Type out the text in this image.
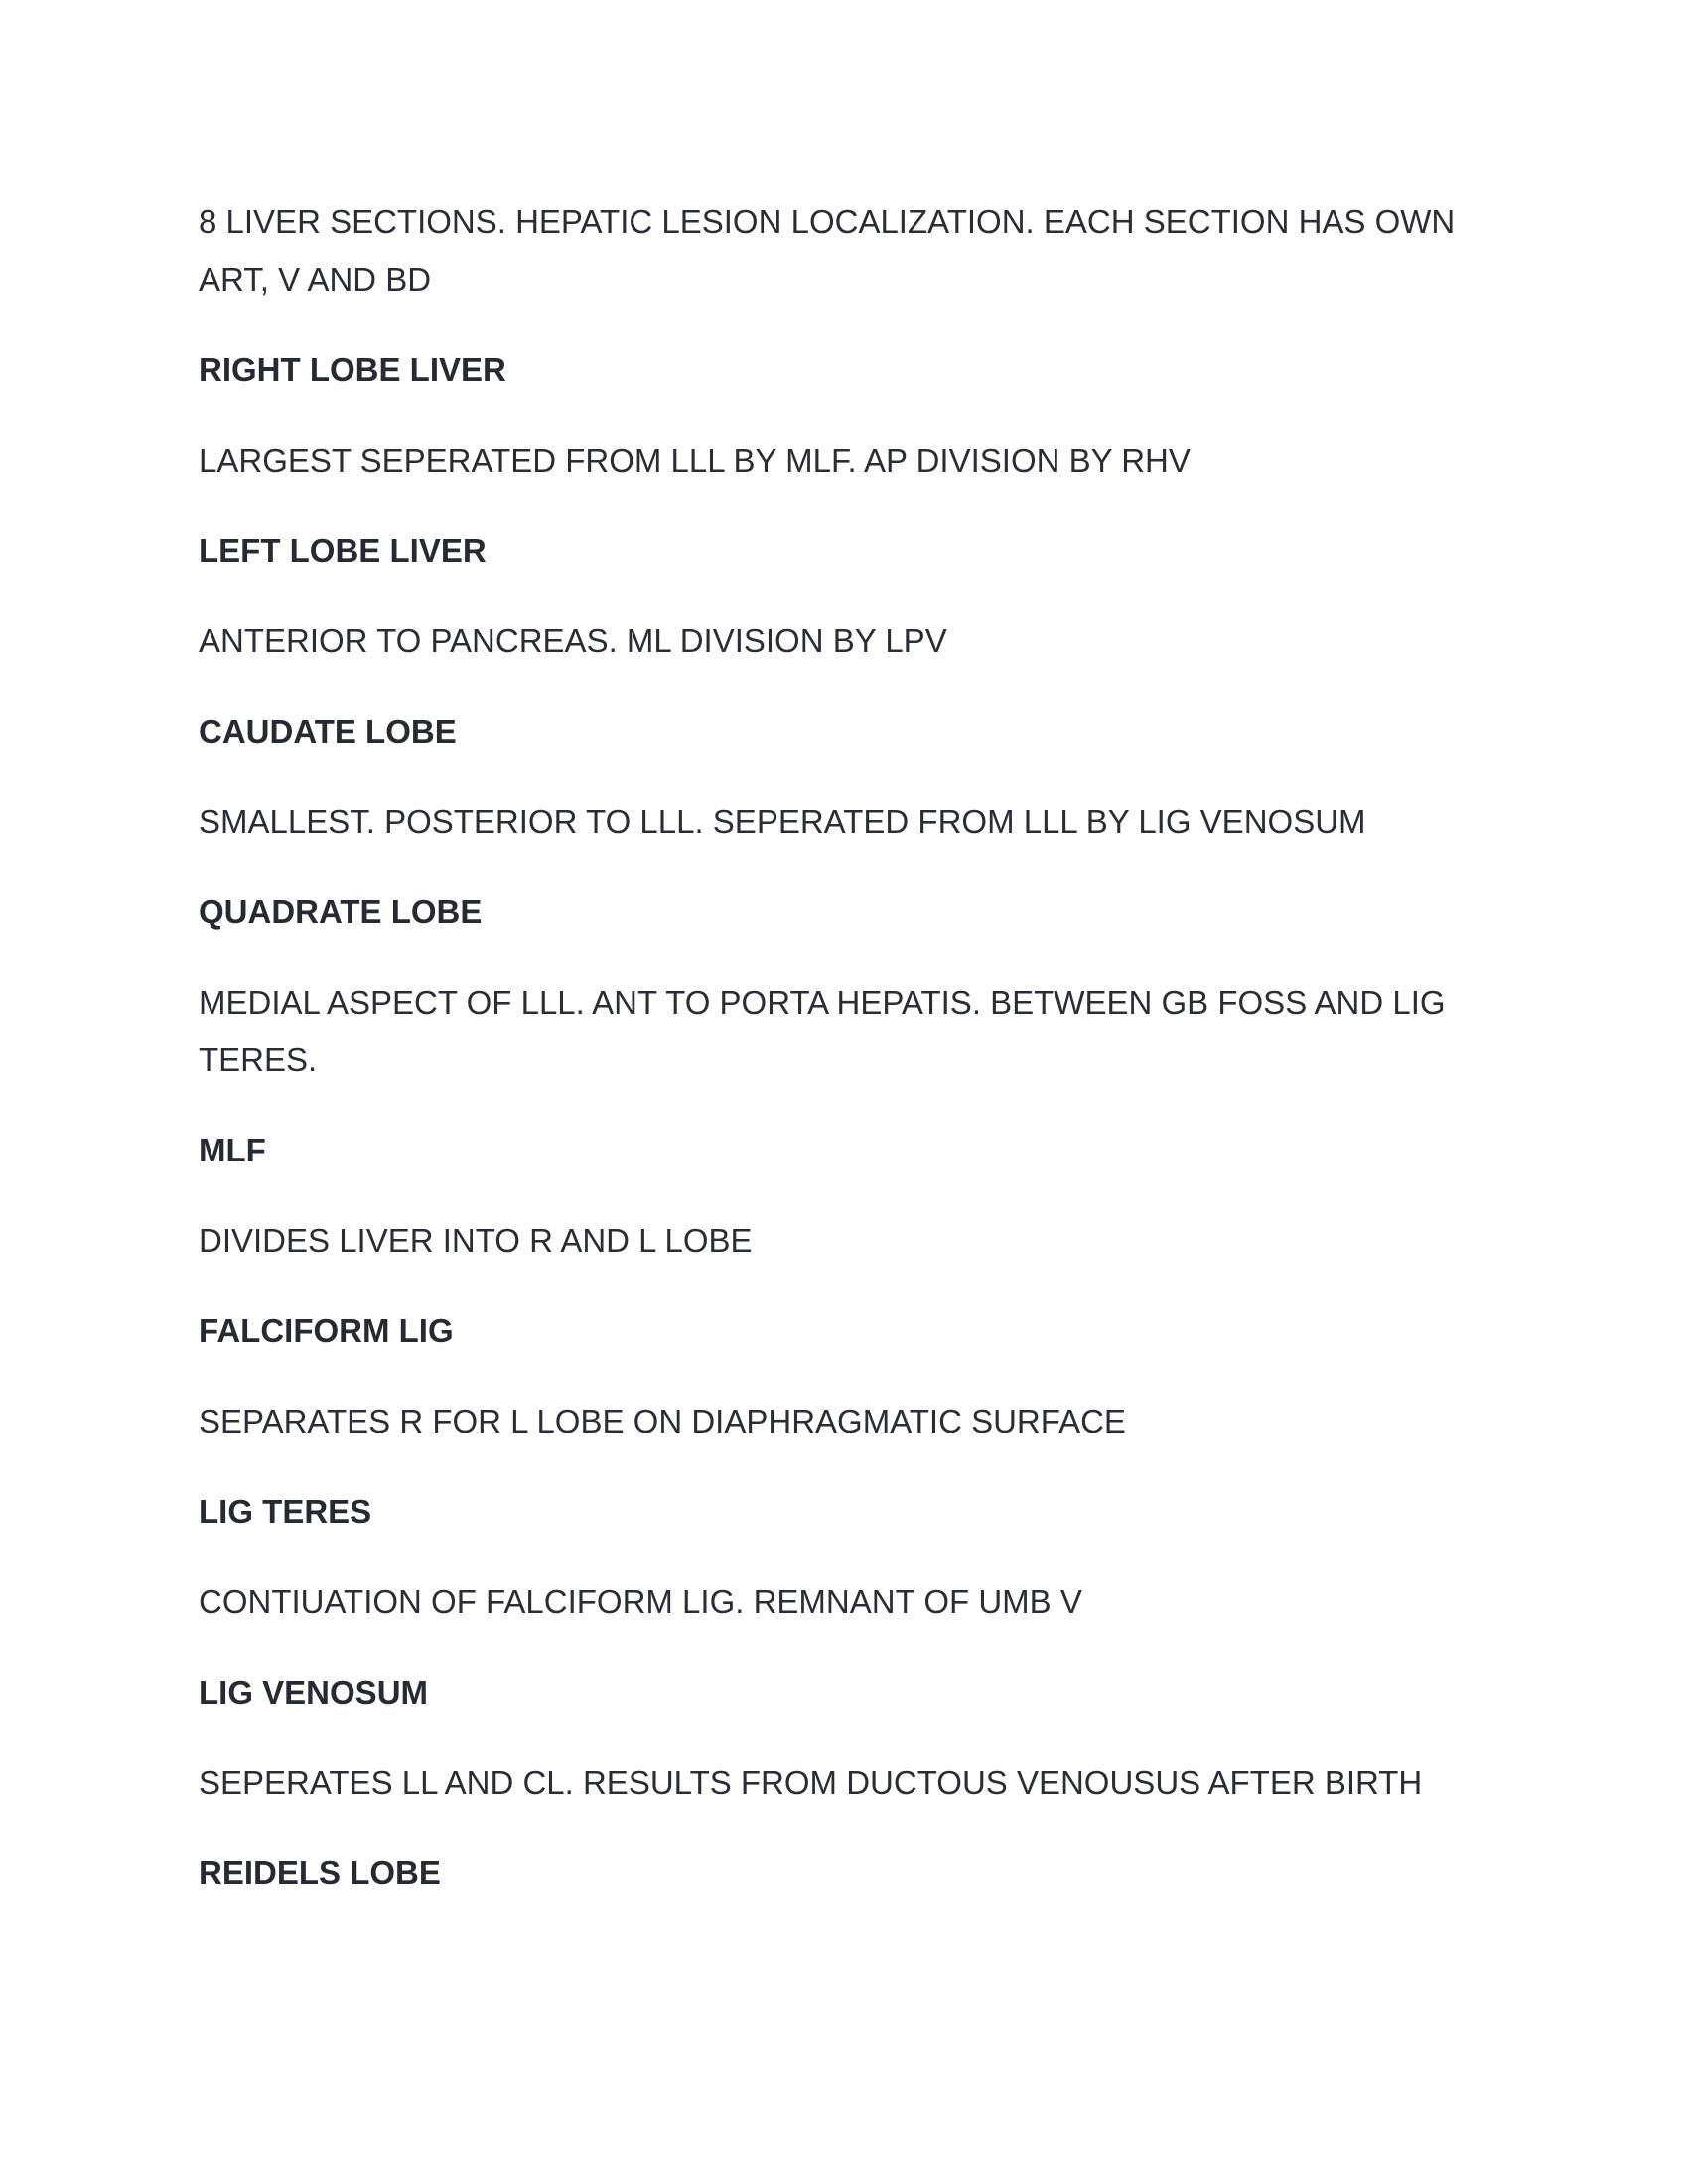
8 LIVER SECTIONS. HEPATIC LESION LOCALIZATION. EACH SECTION HAS OWN ART, V AND BD

RIGHT LOBE LIVER

LARGEST SEPERATED FROM LLL BY MLF. AP DIVISION BY RHV

LEFT LOBE LIVER

ANTERIOR TO PANCREAS. ML DIVISION BY LPV

CAUDATE LOBE

SMALLEST. POSTERIOR TO LLL. SEPERATED FROM LLL BY LIG VENOSUM

QUADRATE LOBE

MEDIAL ASPECT OF LLL. ANT TO PORTA HEPATIS. BETWEEN GB FOSS AND LIG TERES.

MLF

DIVIDES LIVER INTO R AND L LOBE

FALCIFORM LIG

SEPARATES R FOR L LOBE ON DIAPHRAGMATIC SURFACE

LIG TERES

CONTIUATION OF FALCIFORM LIG. REMNANT OF UMB V

LIG VENOSUM

SEPERATES LL AND CL. RESULTS FROM DUCTOUS VENOUSUS AFTER BIRTH

REIDELS LOBE
